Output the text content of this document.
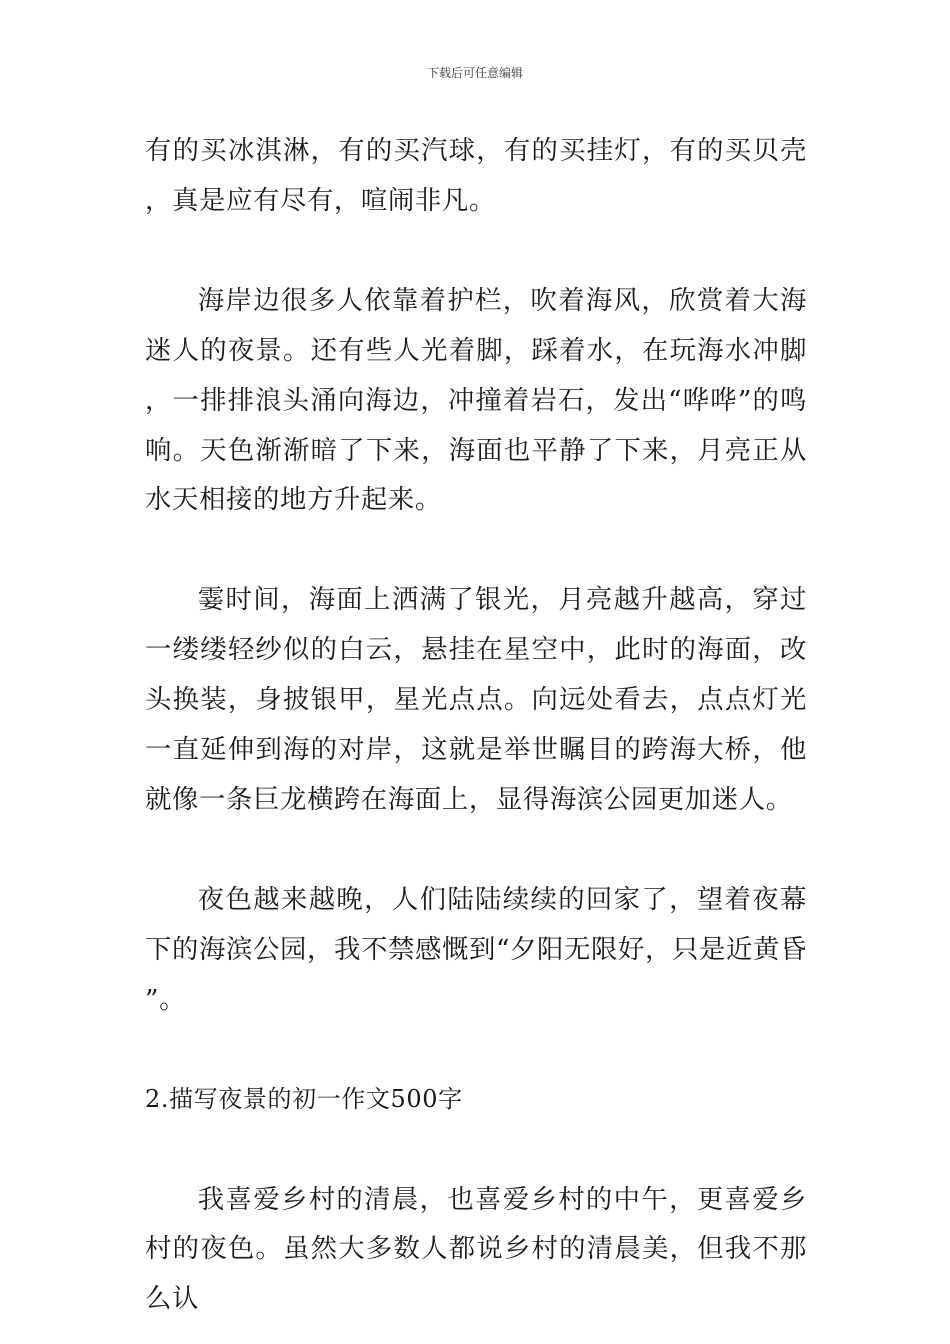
下载后可任意编辑

有的买冰淇淋，有的买汽球，有的买挂灯，有的买贝壳，真是应有尽有，喧闹非凡。

海岸边很多人依靠着护栏，吹着海风，欣赏着大海迷人的夜景。还有些人光着脚，踩着水，在玩海水冲脚，一排排浪头涌向海边，冲撞着岩石，发出“哗哗”的鸣响。天色渐渐暗了下来，海面也平静了下来，月亮正从水天相接的地方升起来。

霎时间，海面上洒满了银光，月亮越升越高，穿过一缕缕轻纱似的白云，悬挂在星空中，此时的海面，改头换装，身披银甲，星光点点。向远处看去，点点灯光一直延伸到海的对岸，这就是举世瞩目的跨海大桥，他就像一条巨龙横跨在海面上，显得海滨公园更加迷人。

夜色越来越晚，人们陆陆续续的回家了，望着夜幕下的海滨公园，我不禁感慨到“夕阳无限好，只是近黄昏”。

2.描写夜景的初一作文500字

我喜爱乡村的清晨，也喜爱乡村的中午，更喜爱乡村的夜色。虽然大多数人都说乡村的清晨美，但我不那么认
